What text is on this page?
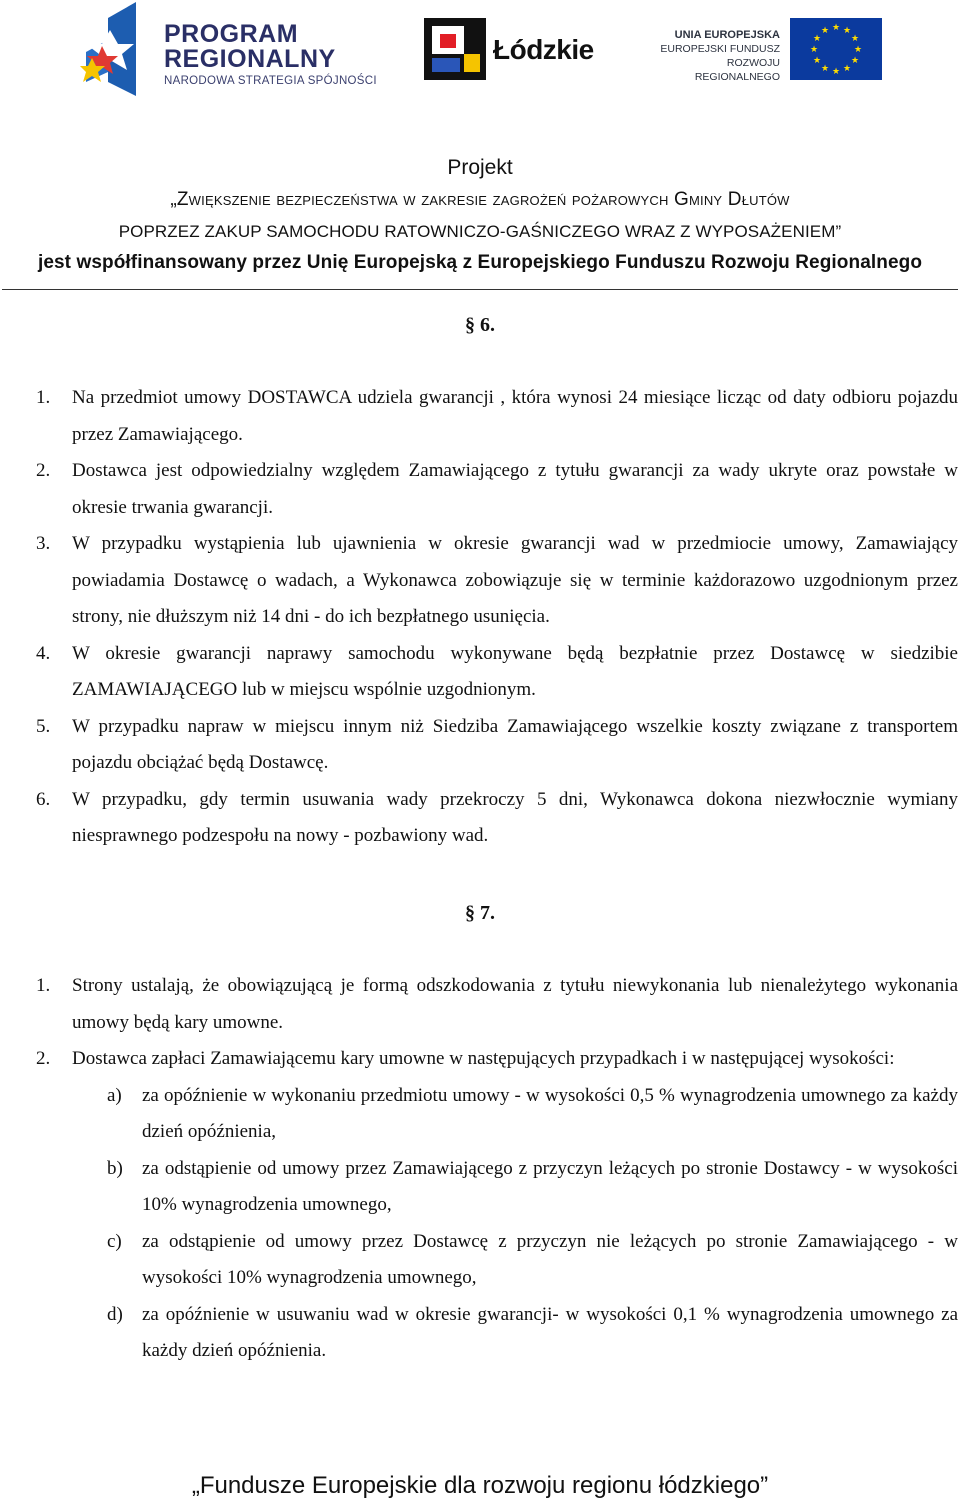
PROGRAM
REGIONALNY
NARODOWA STRATEGIA SPÓJNOŚCI
Łódzkie	UNIA EUROPEJSKA
EUROPEJSKI FUNDUSZ
ROZWOJU REGIONALNEGO
★ ★
★
★
★
★
★
★
★
★
★
★
Projekt
„Zwiększenie bezpieczeństwa w zakresie zagrożeń pożarowych Gminy Dłutów
POPRZEZ ZAKUP SAMOCHODU RATOWNICZO-GAŚNICZEGO WRAZ Z WYPOSAŻENIEM”
jest współfinansowany przez Unię Europejską z Europejskiego Funduszu Rozwoju Regionalnego
§ 6.
1. Na przedmiot umowy DOSTAWCA udziela gwarancji , która wynosi 24 miesiące licząc od daty odbioru pojazdu przez Zamawiającego.
2. Dostawca jest odpowiedzialny względem Zamawiającego z tytułu gwarancji za wady ukryte oraz powstałe w okresie trwania gwarancji.
3. W przypadku wystąpienia lub ujawnienia w okresie gwarancji wad w przedmiocie umowy, Zamawiający powiadamia Dostawcę o wadach, a Wykonawca zobowiązuje się w terminie każdorazowo uzgodnionym przez strony, nie dłuższym niż 14 dni - do ich bezpłatnego usunięcia.
4. W okresie gwarancji naprawy samochodu wykonywane będą bezpłatnie przez Dostawcę w siedzibie ZAMAWIAJĄCEGO lub w miejscu wspólnie uzgodnionym.
5. W przypadku napraw w miejscu innym niż Siedziba Zamawiającego wszelkie koszty związane z transportem pojazdu obciążać będą Dostawcę.
6. W przypadku, gdy termin usuwania wady przekroczy 5 dni, Wykonawca dokona niezwłocznie wymiany niesprawnego podzespołu na nowy - pozbawiony wad.
§ 7.
1. Strony ustalają, że obowiązującą je formą odszkodowania z tytułu niewykonania lub nienależytego wykonania umowy będą kary umowne.
2. Dostawca zapłaci Zamawiającemu kary umowne w następujących przypadkach i w następującej wysokości:
a) za opóźnienie w wykonaniu przedmiotu umowy - w wysokości 0,5 % wynagrodzenia umownego za każdy dzień opóźnienia,
b) za odstąpienie od umowy przez Zamawiającego z przyczyn leżących po stronie Dostawcy - w wysokości 10% wynagrodzenia umownego,
c) za odstąpienie od umowy przez Dostawcę z przyczyn nie leżących po stronie Zamawiającego - w wysokości 10% wynagrodzenia umownego,
d) za opóźnienie w usuwaniu wad w okresie gwarancji- w wysokości 0,1 % wynagrodzenia umownego za każdy dzień opóźnienia.
„Fundusze Europejskie dla rozwoju regionu łódzkiego”
